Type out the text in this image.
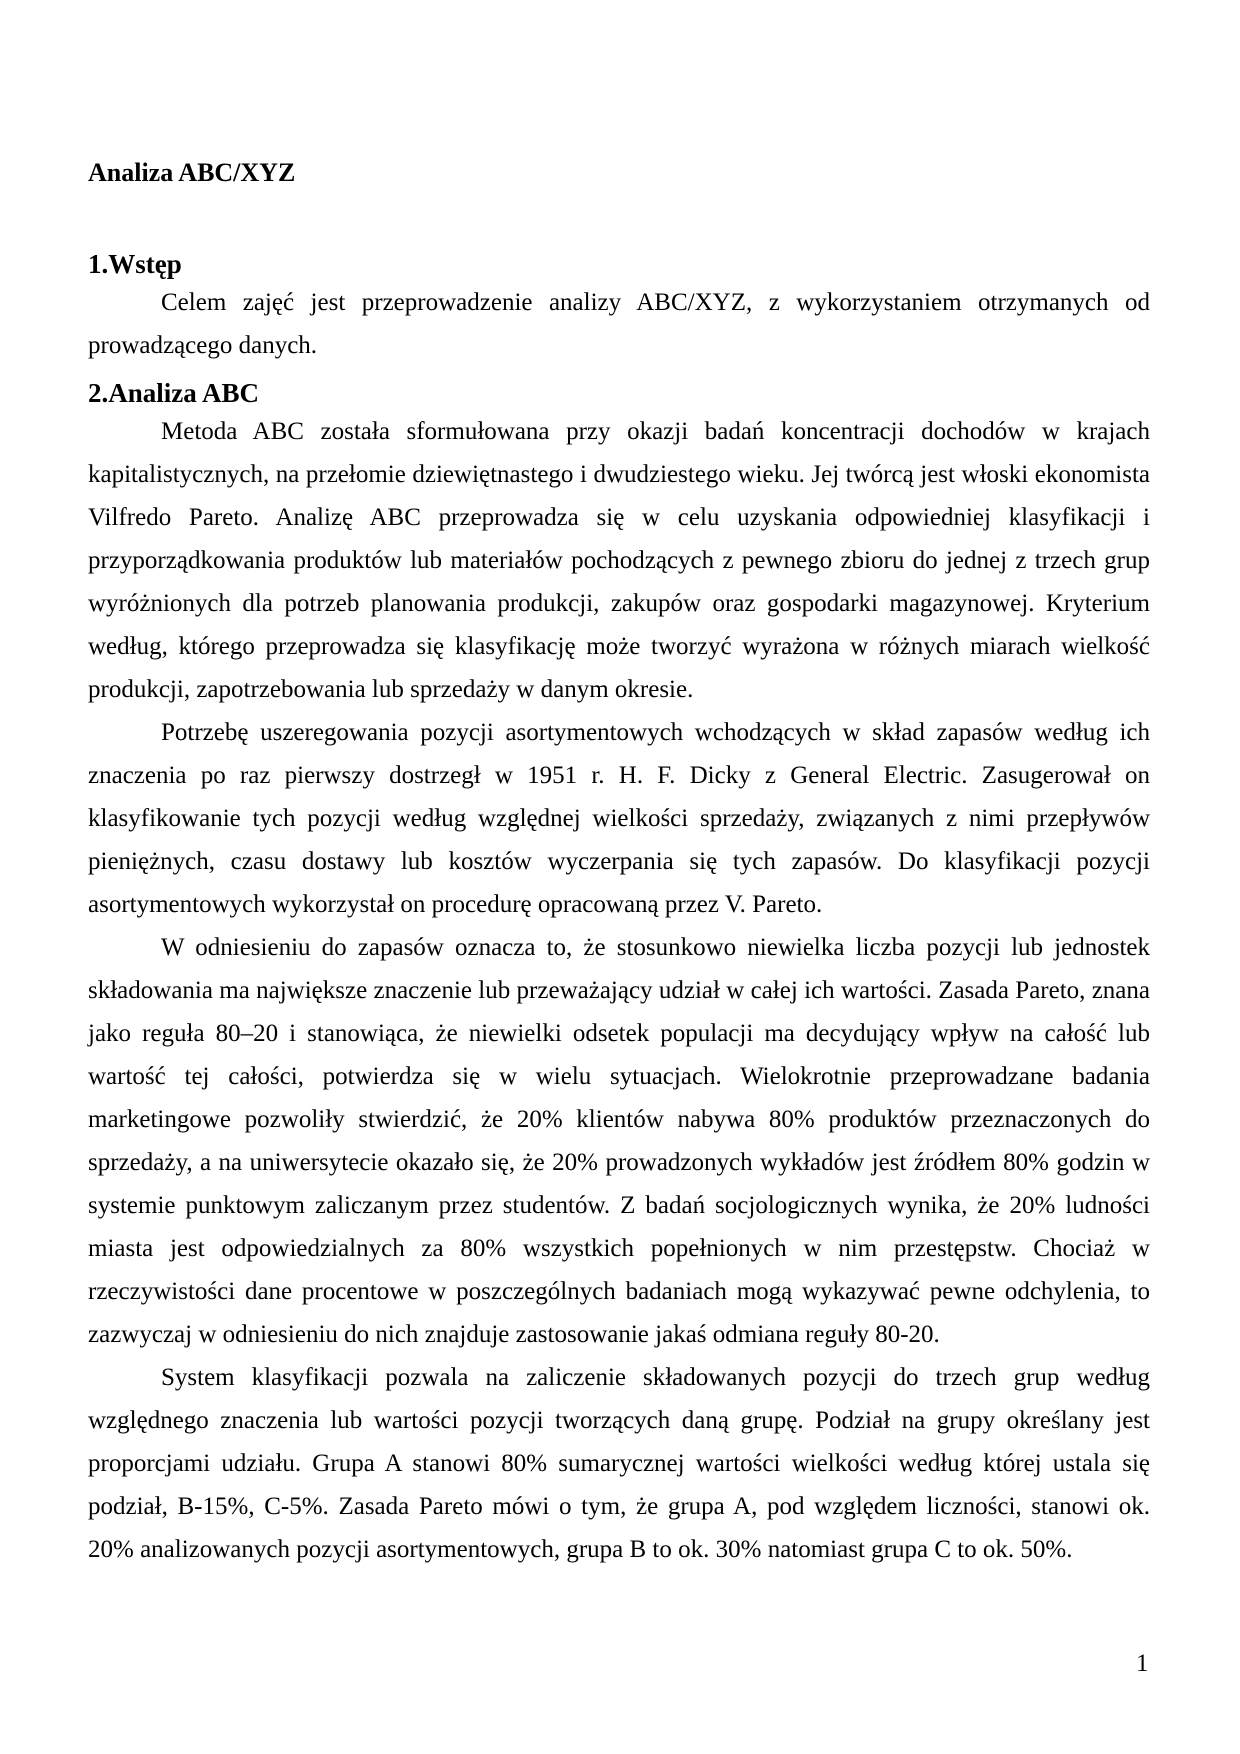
Analiza ABC/XYZ
1.Wstęp

Celem zajęć jest przeprowadzenie analizy ABC/XYZ, z wykorzystaniem otrzymanych od prowadzącego danych.

2.Analiza ABC

Metoda ABC została sformułowana przy okazji badań koncentracji dochodów w krajach kapitalistycznych, na przełomie dziewiętnastego i dwudziestego wieku. Jej twórcą jest włoski ekonomista Vilfredo Pareto. Analizę ABC przeprowadza się w celu uzyskania odpowiedniej klasyfikacji i przyporządkowania produktów lub materiałów pochodzących z pewnego zbioru do jednej z trzech grup wyróżnionych dla potrzeb planowania produkcji, zakupów oraz gospodarki magazynowej. Kryterium według, którego przeprowadza się klasyfikację może tworzyć wyrażona w różnych miarach wielkość produkcji, zapotrzebowania lub sprzedaży w danym okresie.

Potrzebę uszeregowania pozycji asortymentowych wchodzących w skład zapasów według ich znaczenia po raz pierwszy dostrzegł w 1951 r. H. F. Dicky z General Electric. Zasugerował on klasyfikowanie tych pozycji według względnej wielkości sprzedaży, związanych z nimi przepływów pieniężnych, czasu dostawy lub kosztów wyczerpania się tych zapasów. Do klasyfikacji pozycji asortymentowych wykorzystał on procedurę opracowaną przez V. Pareto.

W odniesieniu do zapasów oznacza to, że stosunkowo niewielka liczba pozycji lub jednostek składowania ma największe znaczenie lub przeważający udział w całej ich wartości. Zasada Pareto, znana jako reguła 80–20 i stanowiąca, że niewielki odsetek populacji ma decydujący wpływ na całość lub wartość tej całości, potwierdza się w wielu sytuacjach. Wielokrotnie przeprowadzane badania marketingowe pozwoliły stwierdzić, że 20% klientów nabywa 80% produktów przeznaczonych do sprzedaży, a na uniwersytecie okazało się, że 20% prowadzonych wykładów jest źródłem 80% godzin w systemie punktowym zaliczanym przez studentów. Z badań socjologicznych wynika, że 20% ludności miasta jest odpowiedzialnych za 80% wszystkich popełnionych w nim przestępstw. Chociaż w rzeczywistości dane procentowe w poszczególnych badaniach mogą wykazywać pewne odchylenia, to zazwyczaj w odniesieniu do nich znajduje zastosowanie jakaś odmiana reguły 80-20.

System klasyfikacji pozwala na zaliczenie składowanych pozycji do trzech grup według względnego znaczenia lub wartości pozycji tworzących daną grupę. Podział na grupy określany jest proporcjami udziału. Grupa A stanowi 80% sumarycznej wartości wielkości według której ustala się podział, B-15%, C-5%. Zasada Pareto mówi o tym, że grupa A, pod względem liczności, stanowi ok. 20% analizowanych pozycji asortymentowych, grupa B to ok. 30% natomiast grupa C to ok. 50%.

1
